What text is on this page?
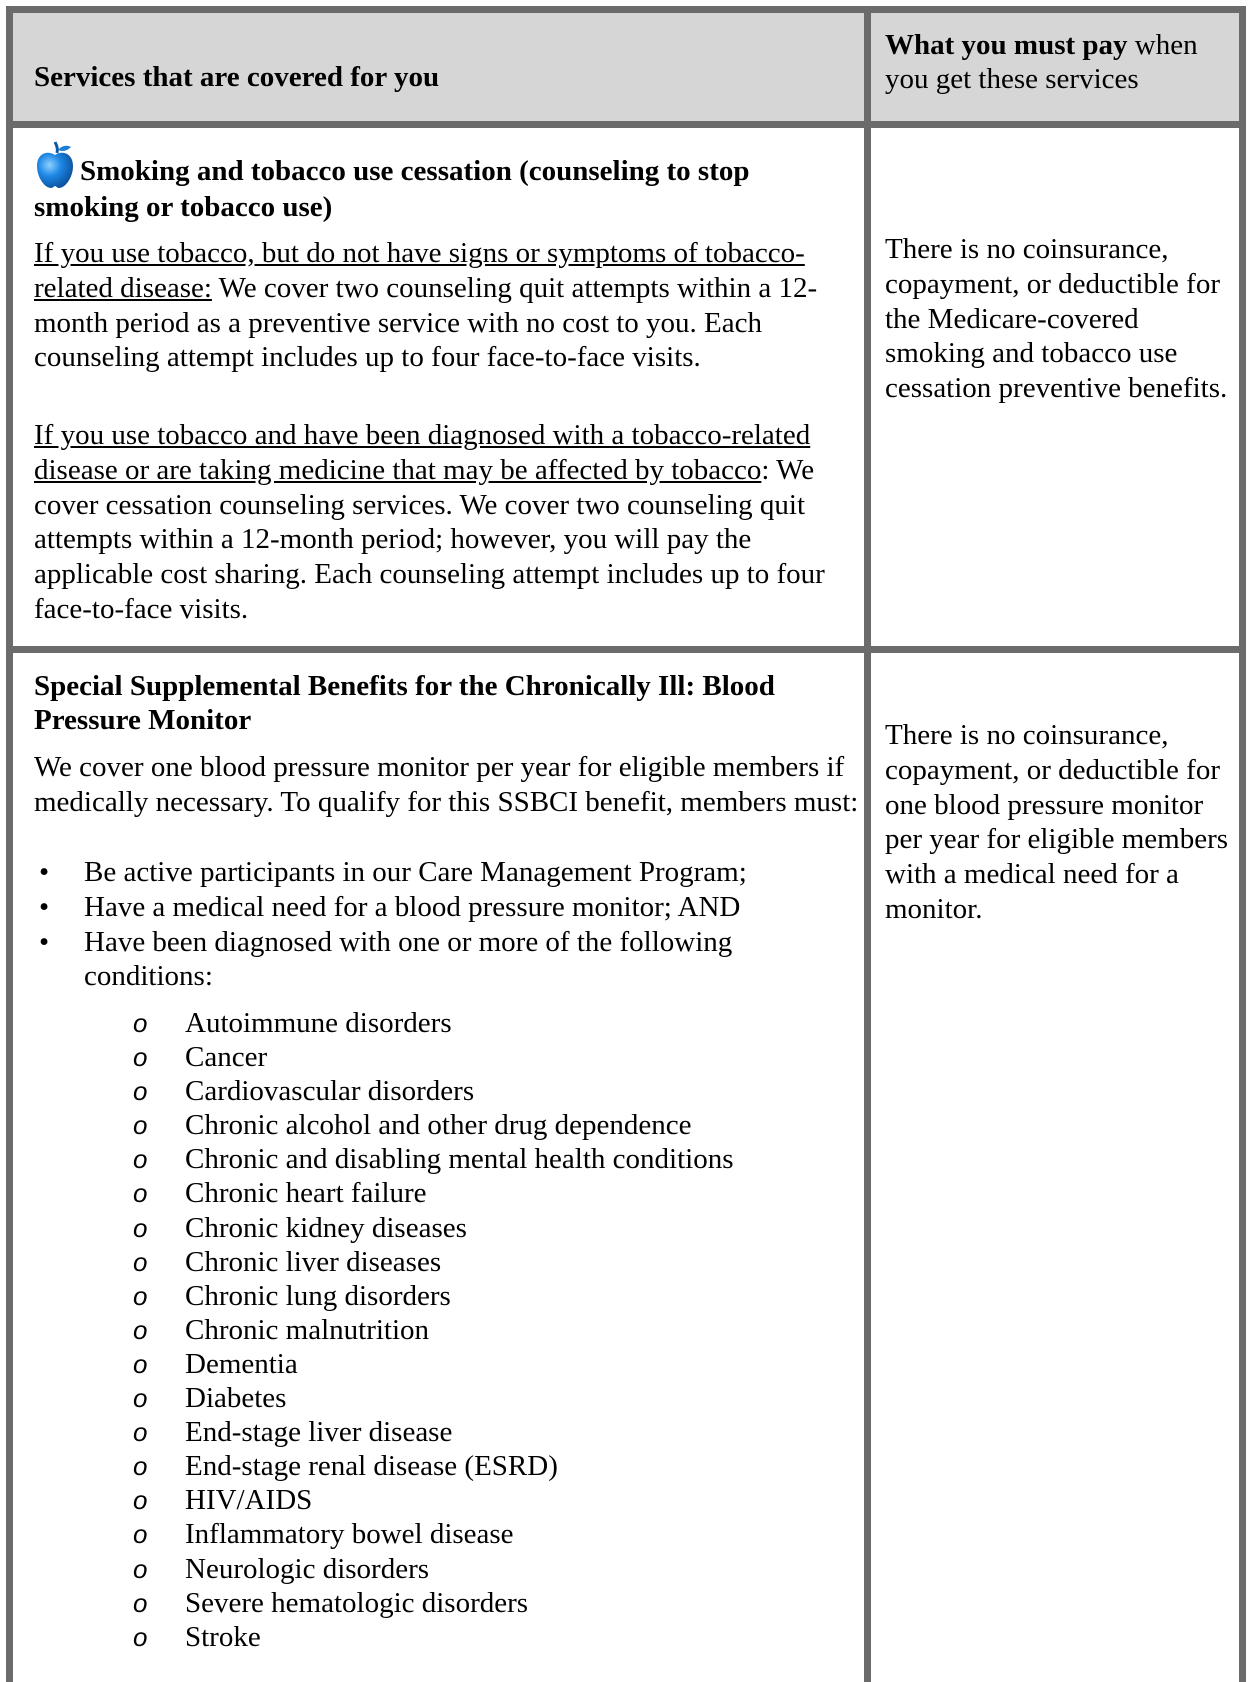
Services that are covered for you
What you must pay when you get these services
Smoking and tobacco use cessation (counseling to stop smoking or tobacco use)
If you use tobacco, but do not have signs or symptoms of tobacco-related disease: We cover two counseling quit attempts within a 12-month period as a preventive service with no cost to you. Each counseling attempt includes up to four face-to-face visits.
If you use tobacco and have been diagnosed with a tobacco-related disease or are taking medicine that may be affected by tobacco: We cover cessation counseling services. We cover two counseling quit attempts within a 12-month period; however, you will pay the applicable cost sharing. Each counseling attempt includes up to four face-to-face visits.
There is no coinsurance, copayment, or deductible for the Medicare-covered smoking and tobacco use cessation preventive benefits.
Special Supplemental Benefits for the Chronically Ill: Blood Pressure Monitor
We cover one blood pressure monitor per year for eligible members if medically necessary. To qualify for this SSBCI benefit, members must:
• Be active participants in our Care Management Program;
• Have a medical need for a blood pressure monitor; AND
• Have been diagnosed with one or more of the following conditions:
o Autoimmune disorders
o Cancer
o Cardiovascular disorders
o Chronic alcohol and other drug dependence
o Chronic and disabling mental health conditions
o Chronic heart failure
o Chronic kidney diseases
o Chronic liver diseases
o Chronic lung disorders
o Chronic malnutrition
o Dementia
o Diabetes
o End-stage liver disease
o End-stage renal disease (ESRD)
o HIV/AIDS
o Inflammatory bowel disease
o Neurologic disorders
o Severe hematologic disorders
o Stroke
There is no coinsurance, copayment, or deductible for one blood pressure monitor per year for eligible members with a medical need for a monitor.
